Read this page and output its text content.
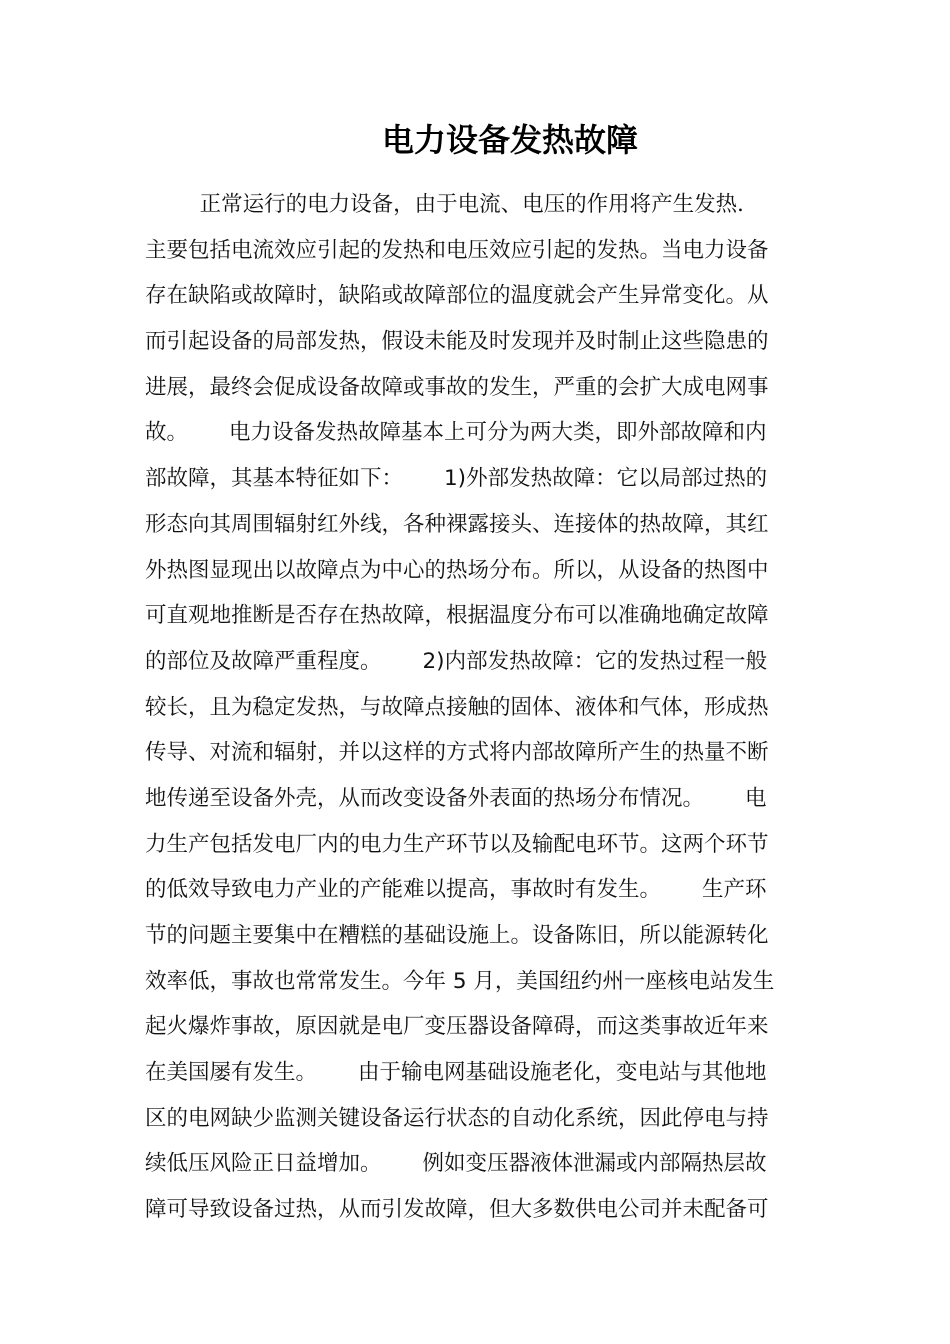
电力设备发热故障
正常运行的电力设备，由于电流、电压的作用将产生发热．
主要包括电流效应引起的发热和电压效应引起的发热。当电力设备
存在缺陷或故障时，缺陷或故障部位的温度就会产生异常变化。从
而引起设备的局部发热，假设未能及时发现并及时制止这些隐患的
进展，最终会促成设备故障或事故的发生，严重的会扩大成电网事
故。      电力设备发热故障基本上可分为两大类，即外部故障和内
部故障，其基本特征如下：      1)外部发热故障：它以局部过热的
形态向其周围辐射红外线，各种裸露接头、连接体的热故障，其红
外热图显现出以故障点为中心的热场分布。所以，从设备的热图中
可直观地推断是否存在热故障，根据温度分布可以准确地确定故障
的部位及故障严重程度。      2)内部发热故障：它的发热过程一般
较长，且为稳定发热，与故障点接触的固体、液体和气体，形成热
传导、对流和辐射，并以这样的方式将内部故障所产生的热量不断
地传递至设备外壳，从而改变设备外表面的热场分布情况。      电
力生产包括发电厂内的电力生产环节以及输配电环节。这两个环节
的低效导致电力产业的产能难以提高，事故时有发生。      生产环
节的问题主要集中在糟糕的基础设施上。设备陈旧，所以能源转化
效率低，事故也常常发生。今年 5 月，美国纽约州一座核电站发生
起火爆炸事故，原因就是电厂变压器设备障碍，而这类事故近年来
在美国屡有发生。      由于输电网基础设施老化，变电站与其他地
区的电网缺少监测关键设备运行状态的自动化系统，因此停电与持
续低压风险正日益增加。      例如变压器液体泄漏或内部隔热层故
障可导致设备过热，从而引发故障，但大多数供电公司并未配备可
